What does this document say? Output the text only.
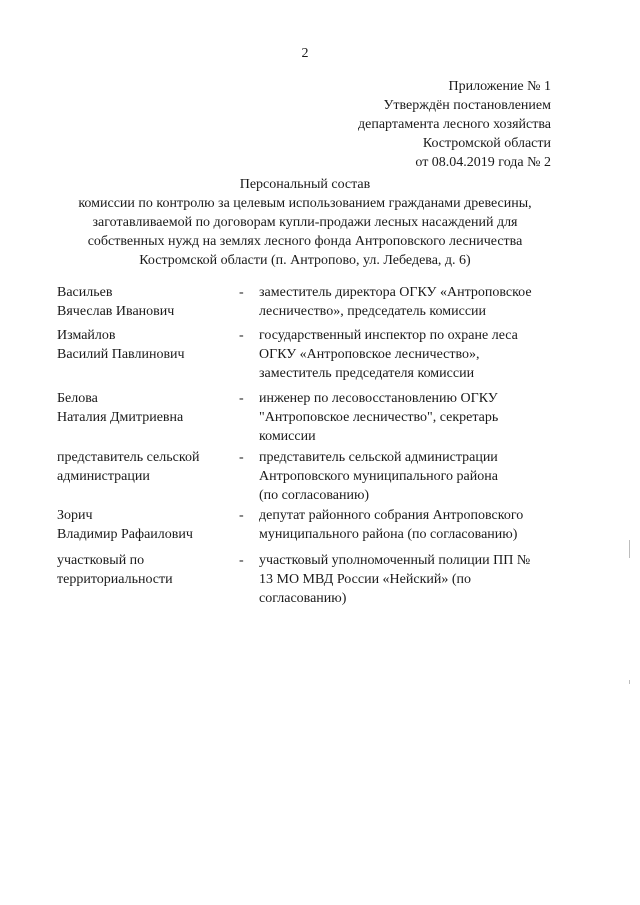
2
Приложение № 1
Утверждён постановлением
департамента лесного хозяйства
Костромской области
от 08.04.2019 года № 2
Персональный состав
комиссии по контролю за целевым использованием гражданами древесины,
заготавливаемой по договорам купли-продажи лесных насаждений для
собственных нужд на землях лесного фонда Антроповского лесничества
Костромской области (п. Антропово, ул. Лебедева, д. 6)
Васильев
Вячеслав Иванович
- заместитель директора ОГКУ «Антроповское
лесничество», председатель комиссии
Измайлов
Василий Павлинович
- государственный инспектор по охране леса
ОГКУ «Антроповское лесничество»,
заместитель председателя комиссии
Белова
Наталия Дмитриевна
- инженер по лесовосстановлению ОГКУ
"Антроповское лесничество", секретарь
комиссии
представитель сельской
администрации
- представитель сельской администрации
Антроповского муниципального района
(по согласованию)
Зорич
Владимир Рафаилович
- депутат районного собрания Антроповского
муниципального района (по согласованию)
участковый по
территориальности
- участковый уполномоченный полиции ПП №
13 МО МВД России «Нейский» (по
согласованию)
